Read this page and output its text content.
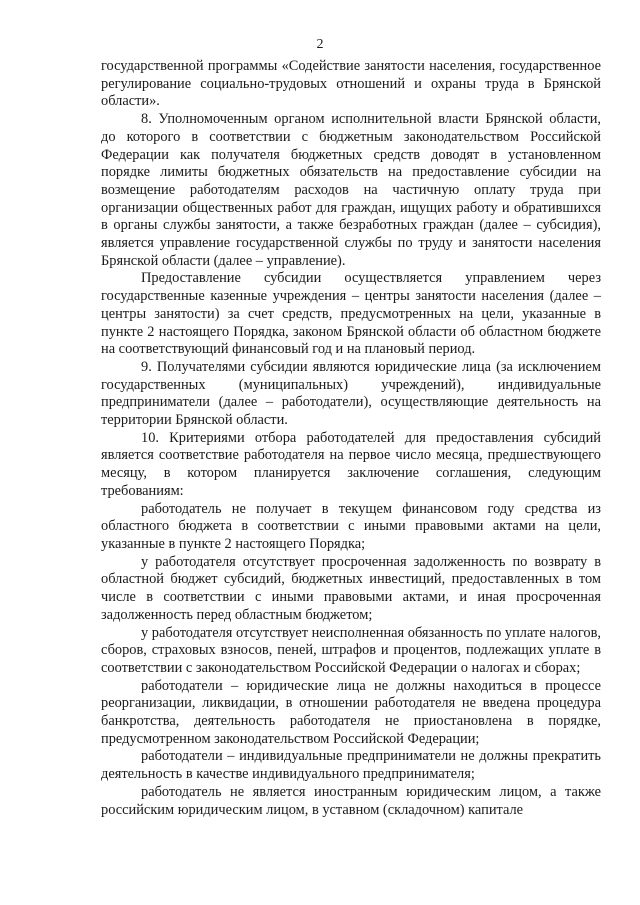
2

государственной программы «Содействие занятости населения, государственное регулирование социально-трудовых отношений и охраны труда в Брянской области».

8. Уполномоченным органом исполнительной власти Брянской области, до которого в соответствии с бюджетным законодательством Российской Федерации как получателя бюджетных средств доводят в установленном порядке лимиты бюджетных обязательств на предоставление субсидии на возмещение работодателям расходов на частичную оплату труда при организации общественных работ для граждан, ищущих работу и обратившихся в органы службы занятости, а также безработных граждан (далее – субсидия), является управление государственной службы по труду и занятости населения Брянской области (далее – управление).

Предоставление субсидии осуществляется управлением через государственные казенные учреждения – центры занятости населения (далее – центры занятости) за счет средств, предусмотренных на цели, указанные в пункте 2 настоящего Порядка, законом Брянской области об областном бюджете на соответствующий финансовый год и на плановый период.

9. Получателями субсидии являются юридические лица (за исключением государственных (муниципальных) учреждений), индивидуальные предприниматели (далее – работодатели), осуществляющие деятельность на территории Брянской области.

10. Критериями отбора работодателей для предоставления субсидий является соответствие работодателя на первое число месяца, предшествующего месяцу, в котором планируется заключение соглашения, следующим требованиям:

работодатель не получает в текущем финансовом году средства из областного бюджета в соответствии с иными правовыми актами на цели, указанные в пункте 2 настоящего Порядка;

у работодателя отсутствует просроченная задолженность по возврату в областной бюджет субсидий, бюджетных инвестиций, предоставленных в том числе в соответствии с иными правовыми актами, и иная просроченная задолженность перед областным бюджетом;

у работодателя отсутствует неисполненная обязанность по уплате налогов, сборов, страховых взносов, пеней, штрафов и процентов, подлежащих уплате в соответствии с законодательством Российской Федерации о налогах и сборах;

работодатели – юридические лица не должны находиться в процессе реорганизации, ликвидации, в отношении работодателя не введена процедура банкротства, деятельность работодателя не приостановлена в порядке, предусмотренном законодательством Российской Федерации;

работодатели – индивидуальные предприниматели не должны прекратить деятельность в качестве индивидуального предпринимателя;

работодатель не является иностранным юридическим лицом, а также российским юридическим лицом, в уставном (складочном) капитале
